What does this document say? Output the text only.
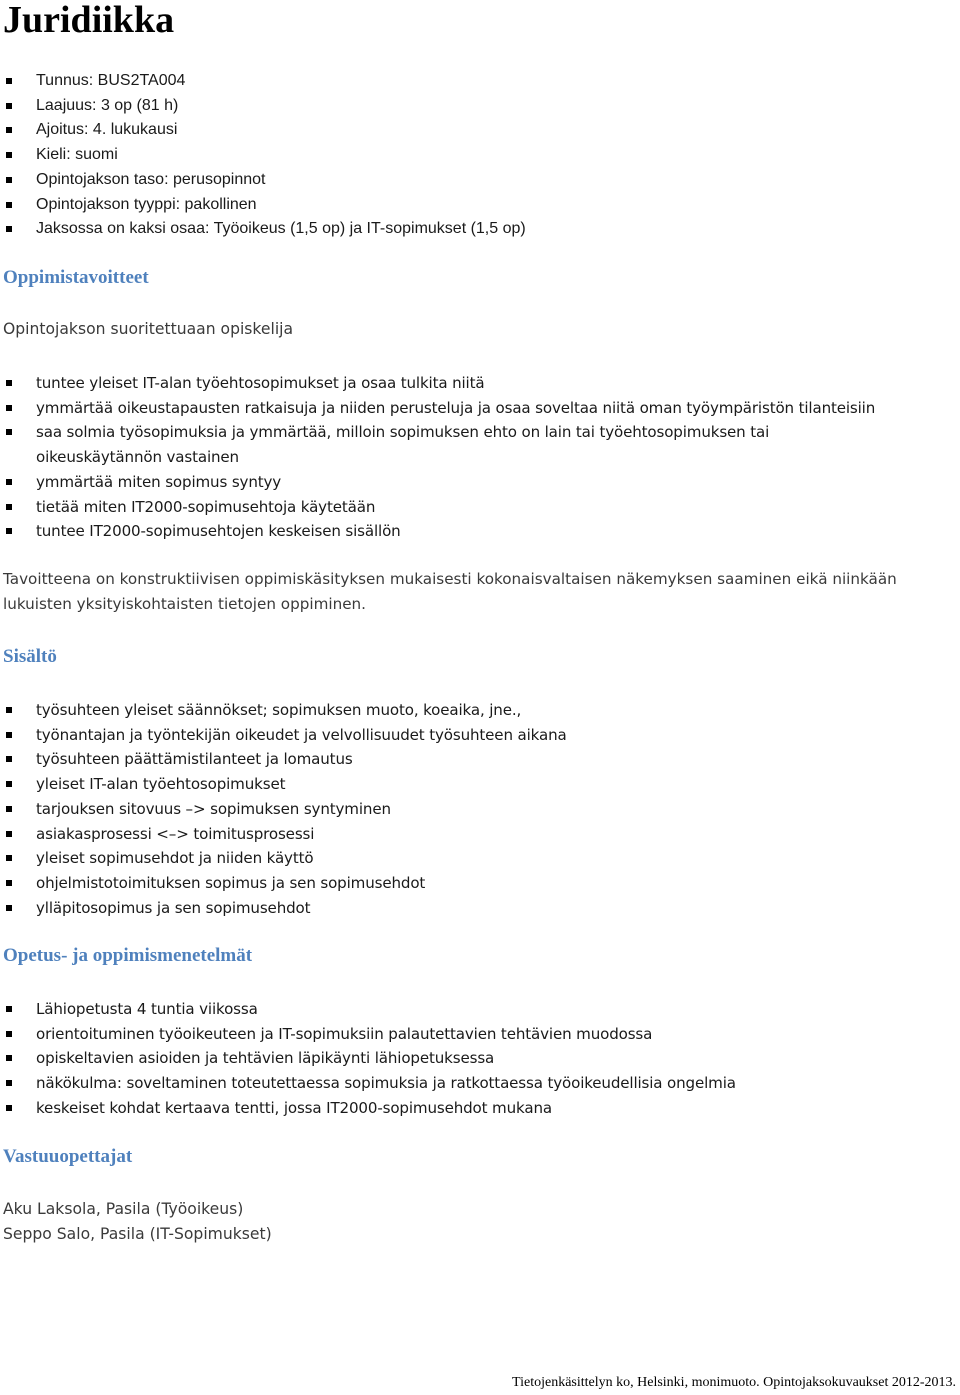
Juridiikka
Tunnus: BUS2TA004
Laajuus: 3 op (81 h)
Ajoitus: 4. lukukausi
Kieli: suomi
Opintojakson taso: perusopinnot
Opintojakson tyyppi: pakollinen
Jaksossa on kaksi osaa: Työoikeus (1,5 op) ja IT-sopimukset (1,5 op)
Oppimistavoitteet

Opintojakson suoritettuaan opiskelija

tuntee yleiset IT-alan työehtosopimukset ja osaa tulkita niitä
ymmärtää oikeustapausten ratkaisuja ja niiden perusteluja ja osaa soveltaa niitä oman työympäristön tilanteisiin
saa solmia työsopimuksia ja ymmärtää, milloin sopimuksen ehto on lain tai työehtosopimuksen tai oikeuskäytännön vastainen
ymmärtää miten sopimus syntyy
tietää miten IT2000-sopimusehtoja käytetään
tuntee IT2000-sopimusehtojen keskeisen sisällön

Tavoitteena on konstruktiivisen oppimiskäsityksen mukaisesti kokonaisvaltaisen näkemyksen saaminen eikä niinkään lukuisten yksityiskohtaisten tietojen oppiminen.

Sisältö
työsuhteen yleiset säännökset; sopimuksen muoto, koeaika, jne.,
työnantajan ja työntekijän oikeudet ja velvollisuudet työsuhteen aikana
työsuhteen päättämistilanteet ja lomautus
yleiset IT-alan työehtosopimukset
tarjouksen sitovuus –> sopimuksen syntyminen
asiakasprosessi <–> toimitusprosessi
yleiset sopimusehdot ja niiden käyttö
ohjelmistotoimituksen sopimus ja sen sopimusehdot
ylläpitosopimus ja sen sopimusehdot
Opetus- ja oppimismenetelmät
Lähiopetusta 4 tuntia viikossa
orientoituminen työoikeuteen ja IT-sopimuksiin palautettavien tehtävien muodossa
opiskeltavien asioiden ja tehtävien läpikäynti lähiopetuksessa
näkökulma: soveltaminen toteutettaessa sopimuksia ja ratkottaessa työoikeudellisia ongelmia
keskeiset kohdat kertaava tentti, jossa IT2000-sopimusehdot mukana
Vastuuopettajat

Aku Laksola, Pasila (Työoikeus)

Seppo Salo, Pasila (IT-Sopimukset)

Tietojenkäsittelyn ko, Helsinki, monimuoto. Opintojaksokuvaukset 2012-2013.
